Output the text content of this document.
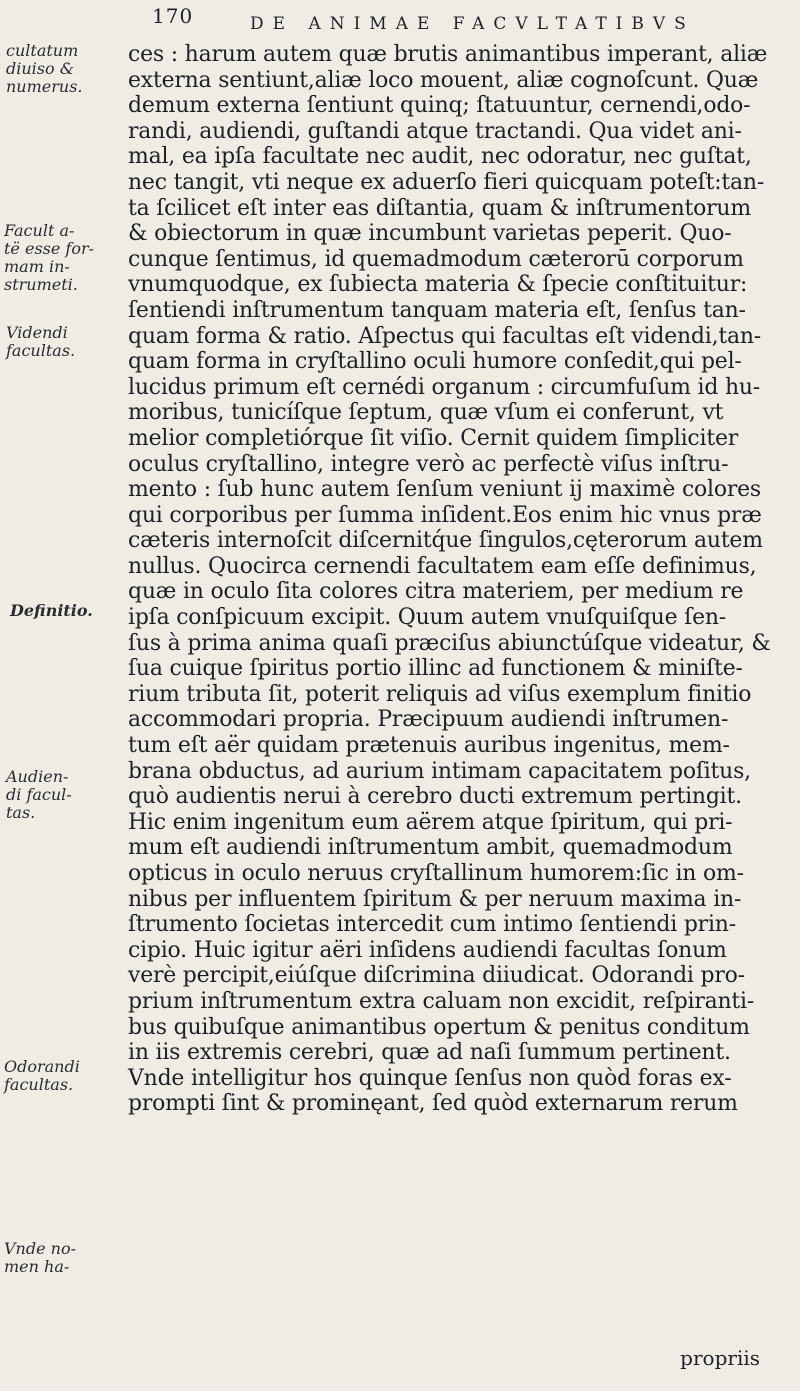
170	DE ANIMAE FACVLTATIBVS
cultatum
diuiso &
numerus.
Facult a-
të esse for-
mam in-
strumeti.
Videndi
facultas.
Definitio.
Audien-
di facul-
tas.
Odorandi
facultas.
Vnde no-
men ha-
ces : harum autem quæ brutis animantibus imperant, aliæ
externa sentiunt,aliæ loco mouent, aliæ cognoſcunt. Quæ
demum externa ſentiunt quinq; ſtatuuntur, cernendi,odo-
randi, audiendi, guſtandi atque tractandi. Qua videt ani-
mal, ea ipſa facultate nec audit, nec odoratur, nec guſtat,
nec tangit, vti neque ex aduerſo fieri quicquam poteſt:tan-
ta ſcilicet eſt inter eas diſtantia, quam & inſtrumentorum
& obiectorum in quæ incumbunt varietas peperit. Quo-
cunque ſentimus, id quemadmodum cæterorū corporum
vnumquodque, ex ſubiecta materia & ſpecie conſtituitur:
ſentiendi inſtrumentum tanquam materia eſt, ſenſus tan-
quam forma & ratio. Aſpectus qui facultas eſt videndi,tan-
quam forma in cryſtallino oculi humore conſedit,qui pel-
lucidus primum eſt cernédi organum : circumfuſum id hu-
moribus, tunicíſque ſeptum, quæ vſum ei conferunt, vt
melior completiórque ſit viſio. Cernit quidem ſimpliciter
oculus cryſtallino, integre verò ac perfectè viſus inſtru-
mento : ſub hunc autem ſenſum veniunt ij maximè colores
qui corporibus per ſumma inſident.Eos enim hic vnus præ
cæteris internoſcit diſcernitq́ue ſingulos,cęterorum autem
nullus. Quocirca cernendi facultatem eam eſſe definimus,
quæ in oculo ſita colores citra materiem, per medium re
ipſa conſpicuum excipit. Quum autem vnuſquiſque ſen-
ſus à prima anima quaſi præciſus abiunctúſque videatur, &
ſua cuique ſpiritus portio illinc ad functionem & miniſte-
rium tributa ſit, poterit reliquis ad viſus exemplum finitio
accommodari propria. Præcipuum audiendi inſtrumen-
tum eſt aër quidam prætenuis auribus ingenitus, mem-
brana obductus, ad aurium intimam capacitatem poſitus,
quò audientis nerui à cerebro ducti extremum pertingit.
Hic enim ingenitum eum aërem atque ſpiritum, qui pri-
mum eſt audiendi inſtrumentum ambit, quemadmodum
opticus in oculo neruus cryſtallinum humorem:ſic in om-
nibus per influentem ſpiritum & per neruum maxima in-
ſtrumento ſocietas intercedit cum intimo ſentiendi prin-
cipio. Huic igitur aëri inſidens audiendi facultas ſonum
verè percipit,eiúſque diſcrimina diiudicat. Odorandi pro-
prium inſtrumentum extra caluam non excidit, reſpiranti-
bus quibuſque animantibus opertum & penitus conditum
in iis extremis cerebri, quæ ad naſi ſummum pertinent.
Vnde intelligitur hos quinque ſenſus non quòd foras ex-
prompti ſint & prominęant, ſed quòd externarum rerum
propriis
